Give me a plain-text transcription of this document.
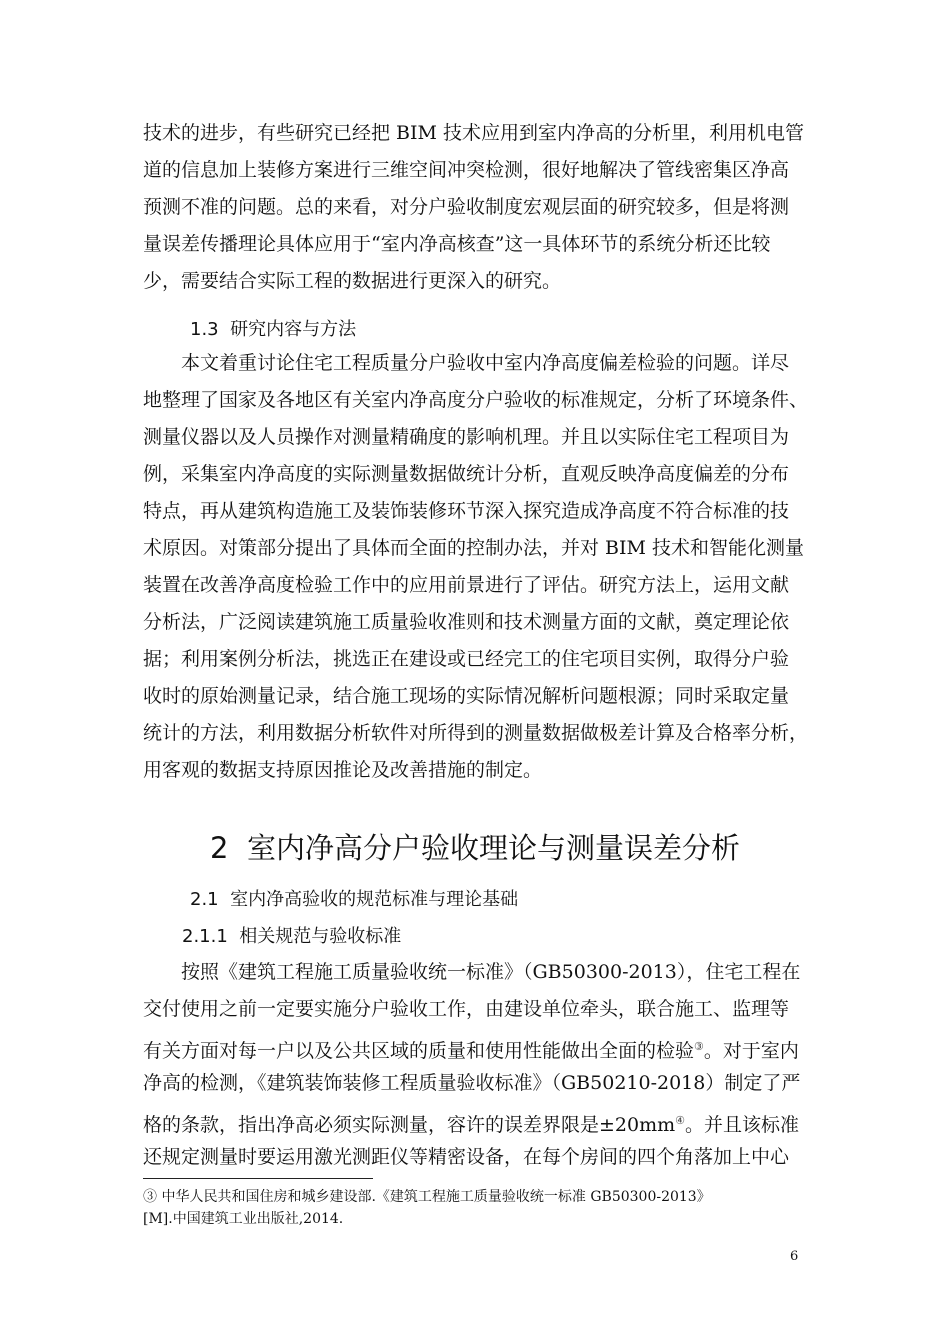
技术的进步，有些研究已经把 BIM 技术应用到室内净高的分析里，利用机电管
道的信息加上装修方案进行三维空间冲突检测，很好地解决了管线密集区净高
预测不准的问题。总的来看，对分户验收制度宏观层面的研究较多，但是将测
量误差传播理论具体应用于“室内净高核查”这一具体环节的系统分析还比较
少，需要结合实际工程的数据进行更深入的研究。
1.3 研究内容与方法
本文着重讨论住宅工程质量分户验收中室内净高度偏差检验的问题。详尽
地整理了国家及各地区有关室内净高度分户验收的标准规定，分析了环境条件、
测量仪器以及人员操作对测量精确度的影响机理。并且以实际住宅工程项目为
例，采集室内净高度的实际测量数据做统计分析，直观反映净高度偏差的分布
特点，再从建筑构造施工及装饰装修环节深入探究造成净高度不符合标准的技
术原因。对策部分提出了具体而全面的控制办法，并对 BIM 技术和智能化测量
装置在改善净高度检验工作中的应用前景进行了评估。研究方法上，运用文献
分析法，广泛阅读建筑施工质量验收准则和技术测量方面的文献，奠定理论依
据；利用案例分析法，挑选正在建设或已经完工的住宅项目实例，取得分户验
收时的原始测量记录，结合施工现场的实际情况解析问题根源；同时采取定量
统计的方法，利用数据分析软件对所得到的测量数据做极差计算及合格率分析，
用客观的数据支持原因推论及改善措施的制定。
2 室内净高分户验收理论与测量误差分析
2.1 室内净高验收的规范标准与理论基础
2.1.1 相关规范与验收标准
按照《建筑工程施工质量验收统一标准》（GB50300-2013），住宅工程在
交付使用之前一定要实施分户验收工作，由建设单位牵头，联合施工、监理等
有关方面对每一户以及公共区域的质量和使用性能做出全面的检验③。对于室内
净高的检测，《建筑装饰装修工程质量验收标准》（GB50210-2018）制定了严
格的条款，指出净高必须实际测量，容许的误差界限是±20mm④。并且该标准
还规定测量时要运用激光测距仪等精密设备，在每个房间的四个角落加上中心
③ 中华人民共和国住房和城乡建设部.《建筑工程施工质量验收统一标准 GB50300-2013》
[M].中国建筑工业出版社,2014.
6
